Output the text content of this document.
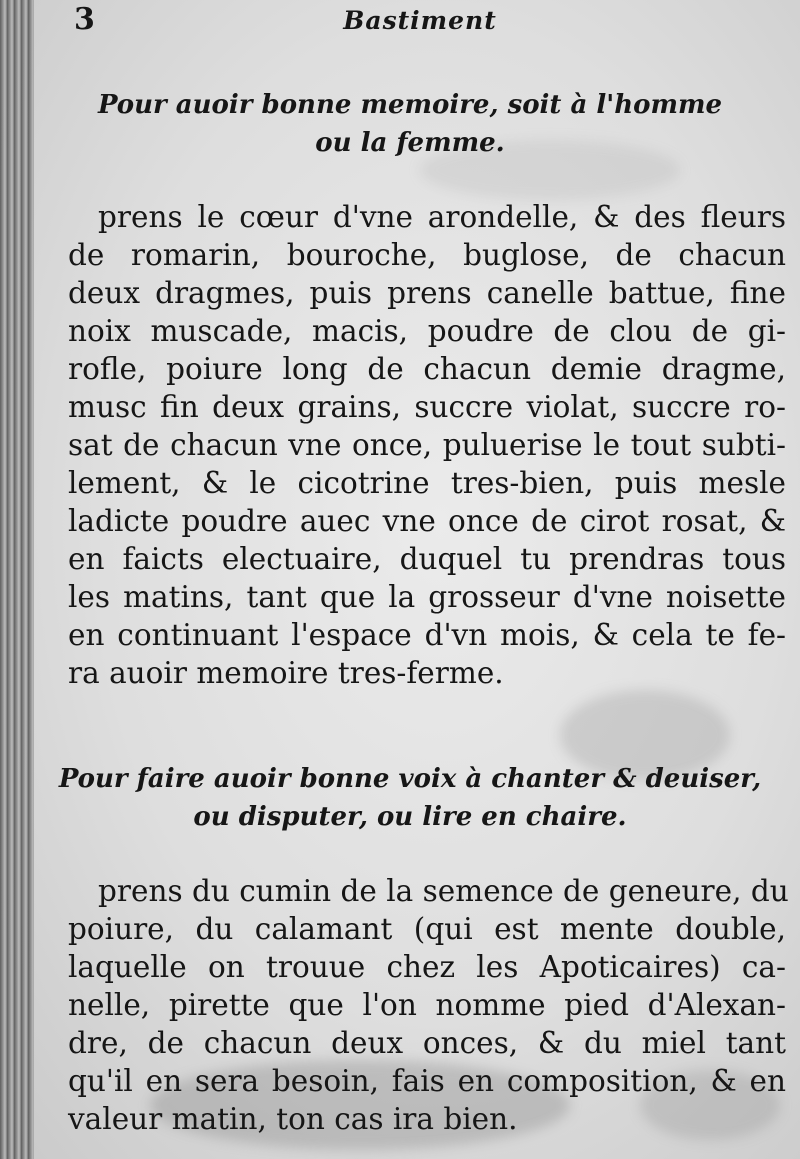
3	Bastiment
Pour auoir bonne memoire, soit à l'homme
ou la femme.
prens le cœur d'vne arondelle, & des fleurs
de romarin, bouroche, buglose, de chacun
deux dragmes, puis prens canelle battue, fine
noix muscade, macis, poudre de clou de gi-
rofle, poiure long de chacun demie dragme,
musc fin deux grains, succre violat, succre ro-
sat de chacun vne once, puluerise le tout subti-
lement, & le cicotrine tres-bien, puis mesle
ladicte poudre auec vne once de cirot rosat, &
en faicts electuaire, duquel tu prendras tous
les matins, tant que la grosseur d'vne noisette
en continuant l'espace d'vn mois, & cela te fe-
ra auoir memoire tres-ferme.
Pour faire auoir bonne voix à chanter & deuiser,
ou disputer, ou lire en chaire.
prens du cumin de la semence de geneure, du
poiure, du calamant (qui est mente double,
laquelle on trouue chez les Apoticaires) ca-
nelle, pirette que l'on nomme pied d'Alexan-
dre, de chacun deux onces, & du miel tant
qu'il en sera besoin, fais en composition, & en
valeur matin, ton cas ira bien.
